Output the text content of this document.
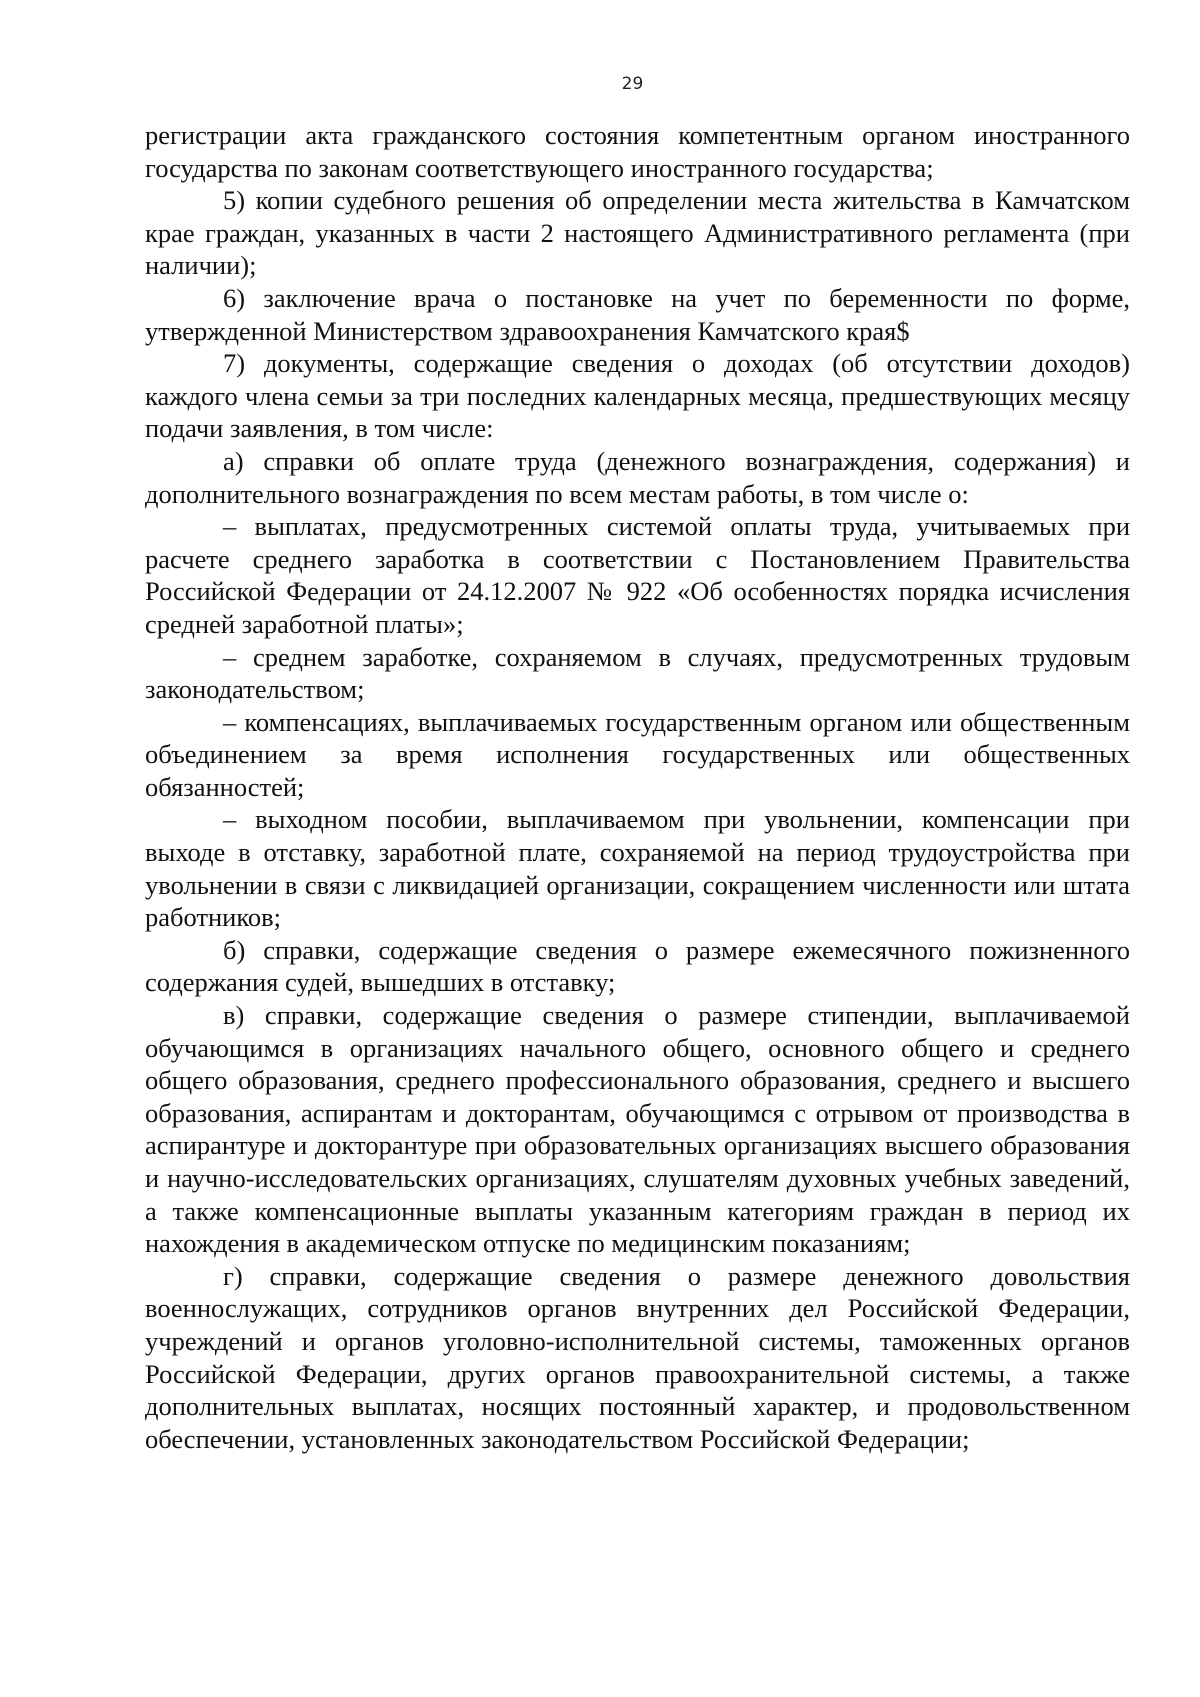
29

регистрации акта гражданского состояния компетентным органом иностранного государства по законам соответствующего иностранного государства;

5) копии судебного решения об определении места жительства в Камчатском крае граждан, указанных в части 2 настоящего Административного регламента (при наличии);

6) заключение врача о постановке на учет по беременности по форме, утвержденной Министерством здравоохранения Камчатского края$

7) документы, содержащие сведения о доходах (об отсутствии доходов) каждого члена семьи за три последних календарных месяца, предшествующих месяцу подачи заявления, в том числе:

а) справки об оплате труда (денежного вознаграждения, содержания) и дополнительного вознаграждения по всем местам работы, в том числе о:

– выплатах, предусмотренных системой оплаты труда, учитываемых при расчете среднего заработка в соответствии с Постановлением Правительства Российской Федерации от 24.12.2007 № 922 «Об особенностях порядка исчисления средней заработной платы»;

– среднем заработке, сохраняемом в случаях, предусмотренных трудовым законодательством;

– компенсациях, выплачиваемых государственным органом или общественным объединением за время исполнения государственных или общественных обязанностей;

– выходном пособии, выплачиваемом при увольнении, компенсации при выходе в отставку, заработной плате, сохраняемой на период трудоустройства при увольнении в связи с ликвидацией организации, сокращением численности или штата работников;

б) справки, содержащие сведения о размере ежемесячного пожизненного содержания судей, вышедших в отставку;

в) справки, содержащие сведения о размере стипендии, выплачиваемой обучающимся в организациях начального общего, основного общего и среднего общего образования, среднего профессионального образования, среднего и высшего образования, аспирантам и докторантам, обучающимся с отрывом от производства в аспирантуре и докторантуре при образовательных организациях высшего образования и научно-исследовательских организациях, слушателям духовных учебных заведений, а также компенсационные выплаты указанным категориям граждан в период их нахождения в академическом отпуске по медицинским показаниям;

г) справки, содержащие сведения о размере денежного довольствия военнослужащих, сотрудников органов внутренних дел Российской Федерации, учреждений и органов уголовно-исполнительной системы, таможенных органов Российской Федерации, других органов правоохранительной системы, а также дополнительных выплатах, носящих постоянный характер, и продовольственном обеспечении, установленных законодательством Российской Федерации;
